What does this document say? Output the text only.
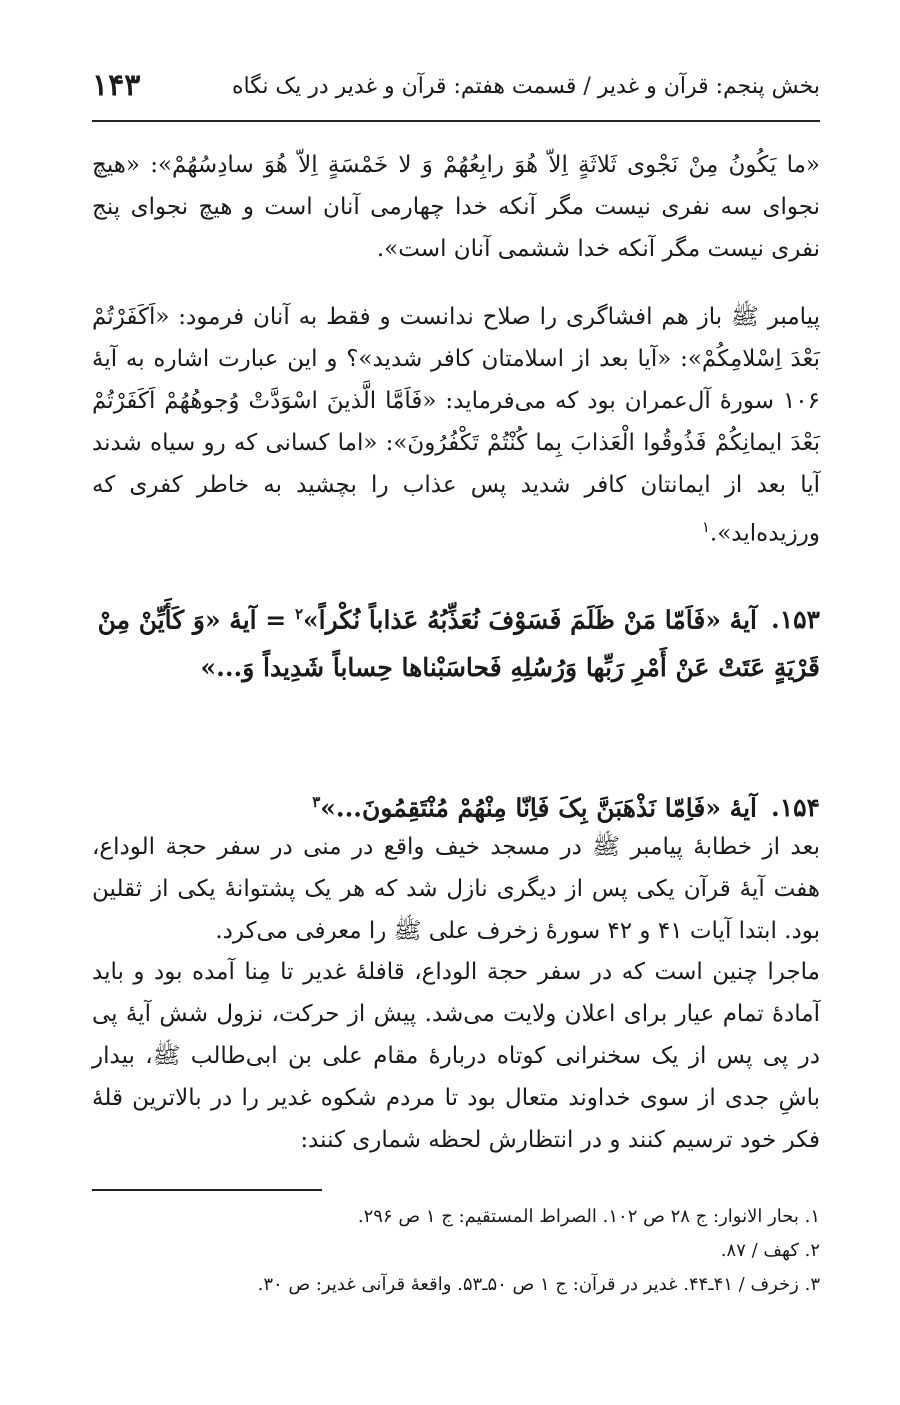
بخش پنجم: قرآن و غدیر / قسمت هفتم: قرآن و غدیر در یک نگاه
۱۴۳

«ما یَکُونُ مِنْ نَجْوی ثَلاثَةٍ اِلاّ هُوَ رابِعُهُمْ وَ لا خَمْسَةٍ اِلاّ هُوَ سادِسُهُمْ»: «هیچ نجوای سه نفری نیست مگر آنکه خدا چهارمی آنان است و هیچ نجوای پنج نفری نیست مگر آنکه خدا ششمی آنان است».

پیامبر ﷺ باز هم افشاگری را صلاح ندانست و فقط به آنان فرمود: «اَکَفَرْتُمْ بَعْدَ اِسْلامِکُمْ»: «آیا بعد از اسلامتان کافر شدید»؟ و این عبارت اشاره به آیهٔ ۱۰۶ سورهٔ آل‌عمران بود که می‌فرماید: «فَاَمَّا الَّذینَ اسْوَدَّتْ وُجوهُهُمْ اَکَفَرْتُمْ بَعْدَ ایمانِکُمْ فَذُوقُوا الْعَذابَ بِما کُنْتُمْ تَکْفُرُونَ»: «اما کسانی که رو سیاه شدند آیا بعد از ایمانتان کافر شدید پس عذاب را بچشید به خاطر کفری که ورزیده‌اید».$^۱$

۱۵۳.آیهٔ «فَاَمّا مَنْ ظَلَمَ فَسَوْفَ نُعَذِّبُهُ عَذاباً نُکْراً»$^۲$ = آیهٔ «وَ کَأَیِّنْ مِنْ قَرْیَةٍ عَتَتْ عَنْ أَمْرِ رَبِّها وَرُسُلِهِ فَحاسَبْناها حِساباً شَدِیداً وَ...»

۱۵۴.آیهٔ «فَاِمّا نَذْهَبَنَّ بِکَ فَاِنّا مِنْهُمْ مُنْتَقِمُونَ...»$^۳$

بعد از خطابهٔ پیامبر ﷺ در مسجد خیف واقع در منی در سفر حجة الوداع، هفت آیهٔ قرآن یکی پس از دیگری نازل شد که هر یک پشتوانهٔ یکی از ثقلین بود. ابتدا آیات ۴۱ و ۴۲ سورهٔ زخرف علی ﷺ را معرفی می‌کرد.

ماجرا چنین است که در سفر حجة الوداع، قافلهٔ غدیر تا مِنا آمده بود و باید آمادهٔ تمام عیار برای اعلان ولایت می‌شد. پیش از حرکت، نزول شش آیهٔ پی در پی پس از یک سخنرانی کوتاه دربارهٔ مقام علی بن ابی‌طالب ﷺ، بیدار باشِ جدی از سوی خداوند متعال بود تا مردم شکوه غدیر را در بالاترین قلهٔ فکر خود ترسیم کنند و در انتظارش لحظه شماری کنند:

۱. بحار الانوار: ج ۲۸ ص ۱۰۲. الصراط المستقیم: ج ۱ ص ۲۹۶.

۲. کهف / ۸۷.

۳. زخرف / ۴۱ـ۴۴. غدیر در قرآن: ج ۱ ص ۵۰ـ۵۳. واقعهٔ قرآنی غدیر: ص ۳۰.
